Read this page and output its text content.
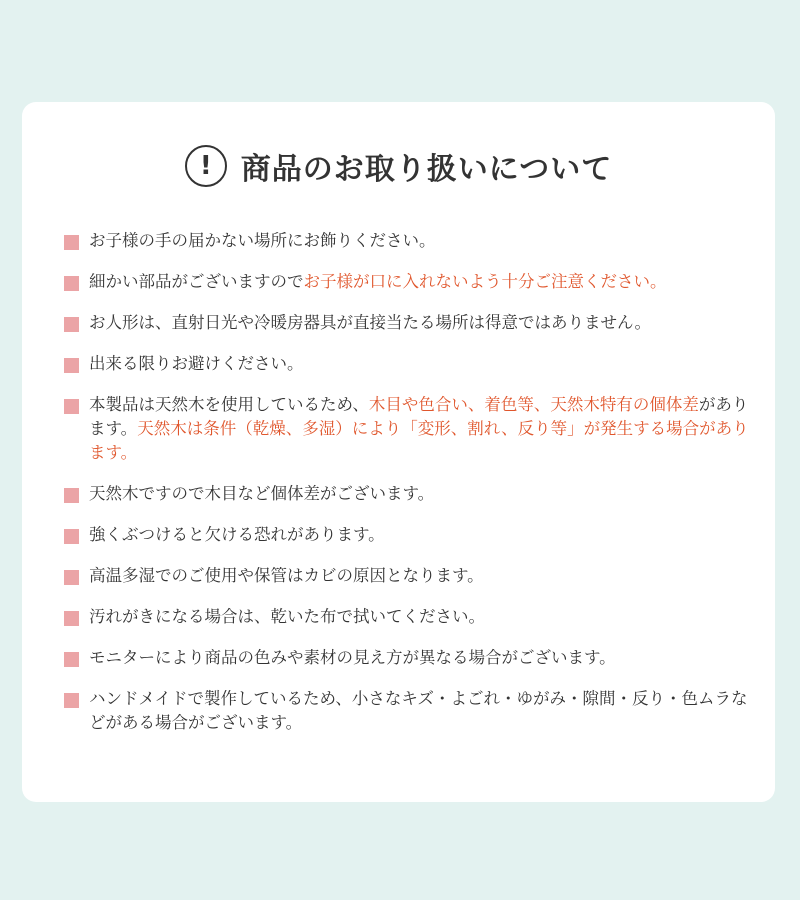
! 商品のお取り扱いについて
お子様の手の届かない場所にお飾りください。
細かい部品がございますのでお子様が口に入れないよう十分ご注意ください。
お人形は、直射日光や冷暖房器具が直接当たる場所は得意ではありません。
出来る限りお避けください。
本製品は天然木を使用しているため、木目や色合い、着色等、天然木特有の個体差があります。天然木は条件（乾燥、多湿）により「変形、割れ、反り等」が発生する場合があります。
天然木ですので木目など個体差がございます。
強くぶつけると欠ける恐れがあります。
高温多湿でのご使用や保管はカビの原因となります。
汚れがきになる場合は、乾いた布で拭いてください。
モニターにより商品の色みや素材の見え方が異なる場合がございます。
ハンドメイドで製作しているため、小さなキズ・よごれ・ゆがみ・隙間・反り・色ムラなどがある場合がございます。
